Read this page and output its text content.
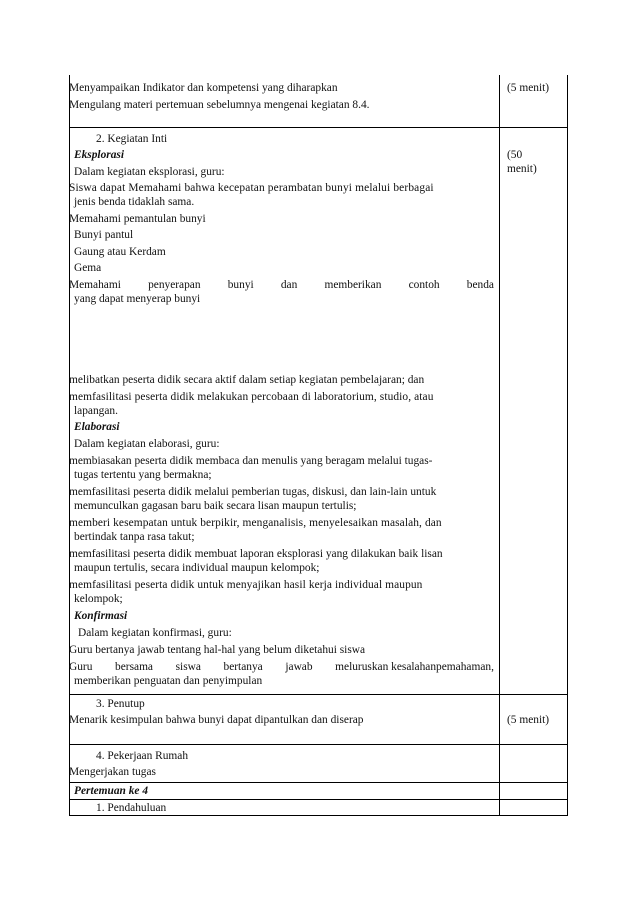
Menyampaikan Indikator dan kompetensi yang diharapkan
Mengulang materi pertemuan sebelumnya mengenai kegiatan 8.4.
(5 menit)
2. Kegiatan Inti
(50
menit)
Eksplorasi
Dalam kegiatan eksplorasi, guru:
Siswa dapat Memahami bahwa kecepatan perambatan bunyi melalui berbagai
jenis benda tidaklah sama.
Memahami pemantulan bunyi
Bunyi pantul
Gaung atau Kerdam
Gema
Memahami penyerapan bunyi dan memberikan contoh benda
yang dapat menyerap bunyi
melibatkan peserta didik secara aktif dalam setiap kegiatan pembelajaran; dan
memfasilitasi peserta didik melakukan percobaan di laboratorium, studio, atau
lapangan.
Elaborasi
Dalam kegiatan elaborasi, guru:
membiasakan peserta didik membaca dan menulis yang beragam melalui tugas-
tugas tertentu yang bermakna;
memfasilitasi peserta didik melalui pemberian tugas, diskusi, dan lain-lain untuk
memunculkan gagasan baru baik secara lisan maupun tertulis;
memberi kesempatan untuk berpikir, menganalisis, menyelesaikan masalah, dan
bertindak tanpa rasa takut;
memfasilitasi peserta didik membuat laporan eksplorasi yang dilakukan baik lisan
maupun tertulis, secara individual maupun kelompok;
memfasilitasi peserta didik untuk menyajikan hasil kerja individual maupun
kelompok;
Konfirmasi
Dalam kegiatan konfirmasi, guru:
Guru bertanya jawab tentang hal-hal yang belum diketahui siswa
Guru bersama siswa bertanya jawab meluruskan kesalahanpemahaman,
memberikan penguatan dan penyimpulan
3. Penutup
Menarik kesimpulan bahwa bunyi dapat dipantulkan dan diserap	(5 menit)
4. Pekerjaan Rumah
Mengerjakan tugas
Pertemuan ke 4
1. Pendahuluan
